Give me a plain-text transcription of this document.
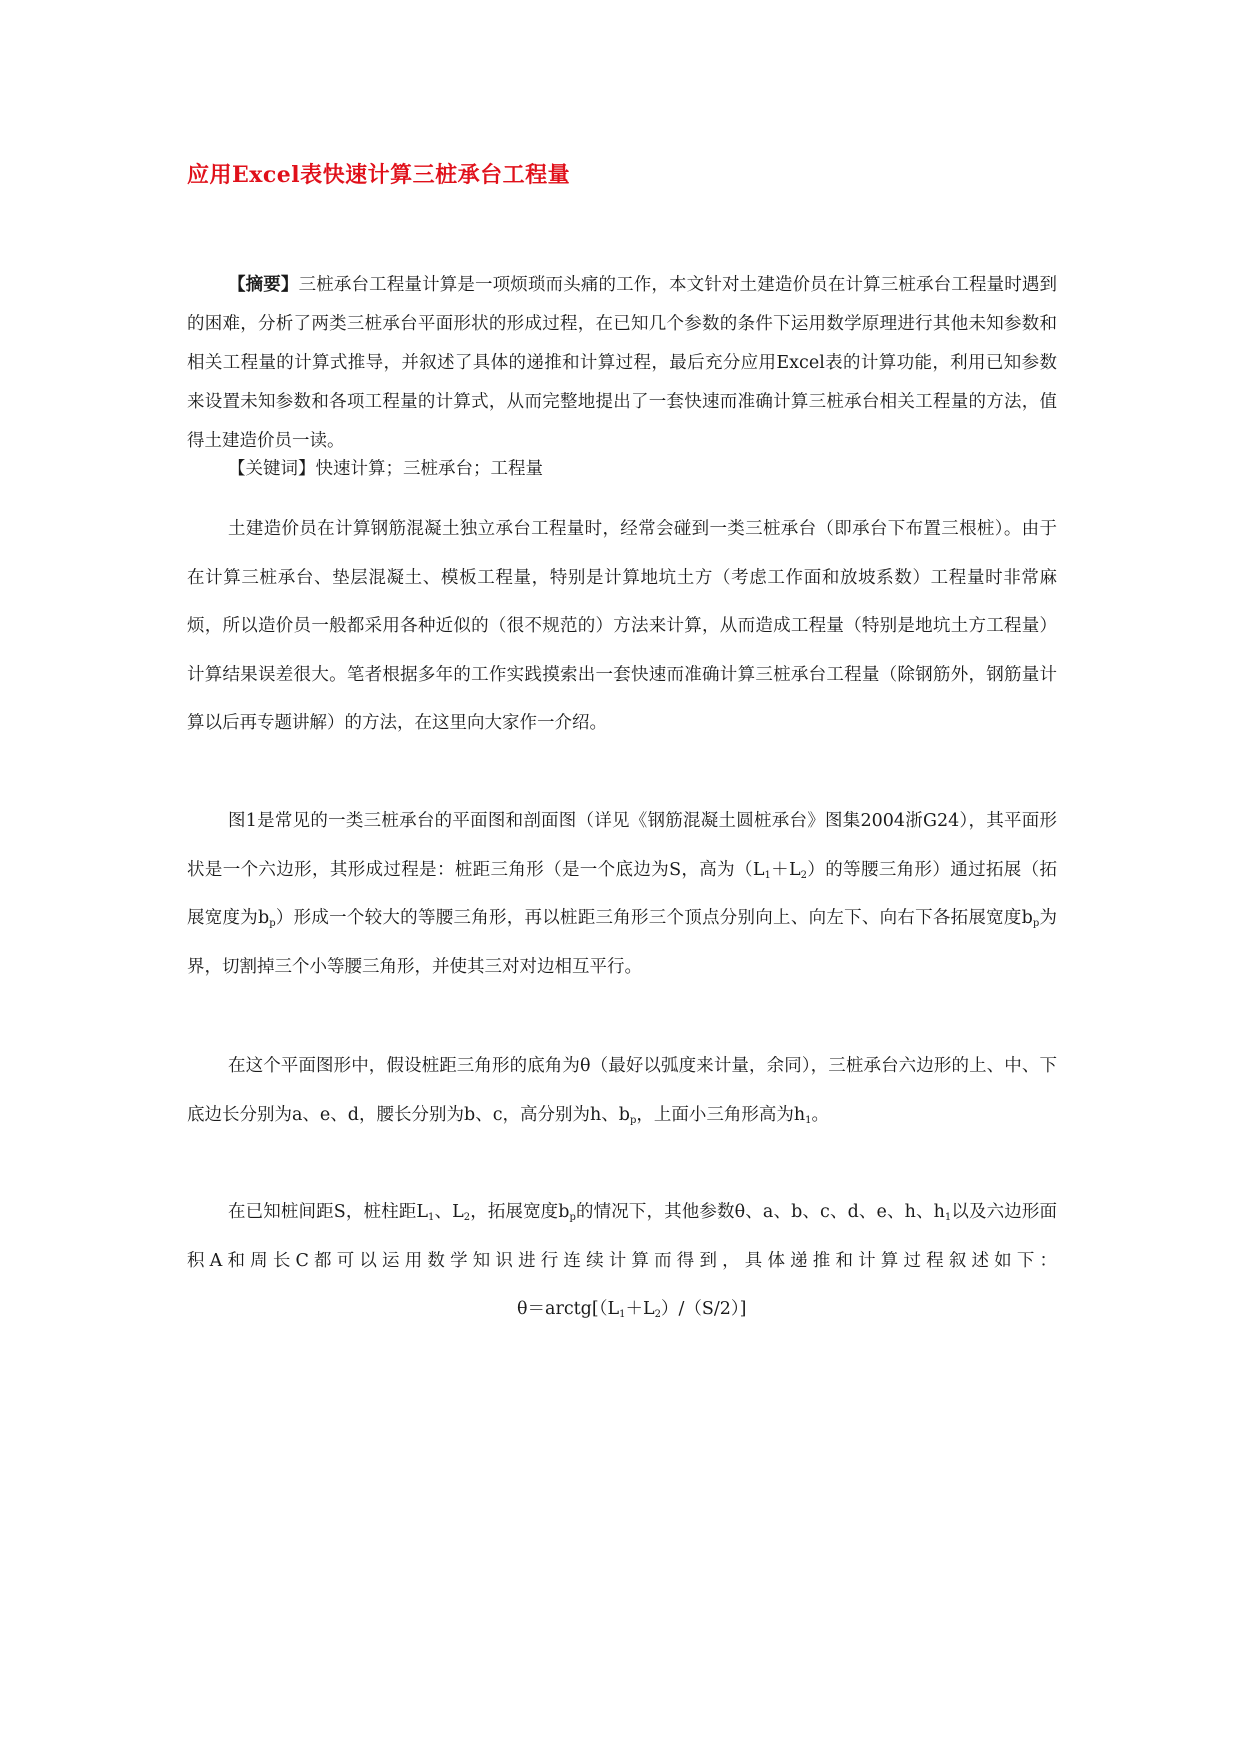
应用Excel表快速计算三桩承台工程量
【摘要】三桩承台工程量计算是一项烦琐而头痛的工作，本文针对土建造价员在计算三桩承台工程量时遇到的困难，分析了两类三桩承台平面形状的形成过程，在已知几个参数的条件下运用数学原理进行其他未知参数和相关工程量的计算式推导，并叙述了具体的递推和计算过程，最后充分应用Excel表的计算功能，利用已知参数来设置未知参数和各项工程量的计算式，从而完整地提出了一套快速而准确计算三桩承台相关工程量的方法，值得土建造价员一读。
【关键词】快速计算；三桩承台；工程量
土建造价员在计算钢筋混凝土独立承台工程量时，经常会碰到一类三桩承台（即承台下布置三根桩）。由于在计算三桩承台、垫层混凝土、模板工程量，特别是计算地坑土方（考虑工作面和放坡系数）工程量时非常麻烦，所以造价员一般都采用各种近似的（很不规范的）方法来计算，从而造成工程量（特别是地坑土方工程量）计算结果误差很大。笔者根据多年的工作实践摸索出一套快速而准确计算三桩承台工程量（除钢筋外，钢筋量计算以后再专题讲解）的方法，在这里向大家作一介绍。
图1是常见的一类三桩承台的平面图和剖面图（详见《钢筋混凝土圆桩承台》图集2004浙G24），其平面形状是一个六边形，其形成过程是：桩距三角形（是一个底边为S，高为$(L_1+L_2)$的等腰三角形）通过拓展（拓展宽度为$b_p$）形成一个较大的等腰三角形，再以桩距三角形三个顶点分别向上、向左下、向右下各拓展宽度$b_p$为界，切割掉三个小等腰三角形，并使其三对对边相互平行。
在这个平面图形中，假设桩距三角形的底角为θ（最好以弧度来计量，余同），三桩承台六边形的上、中、下底边长分别为a、e、d，腰长分别为b、c，高分别为h、$b_p$，上面小三角形高为$h_1$。
在已知桩间距S，桩柱距$L_1$、$L_2$，拓展宽度$b_p$的情况下，其他参数θ、a、b、c、d、e、h、$h_1$以及六边形面积A和周长C都可以运用数学知识进行连续计算而得到，具体递推和计算过程叙述如下：$\theta=arctg[(L_1+L_2)/(S/2)]$
